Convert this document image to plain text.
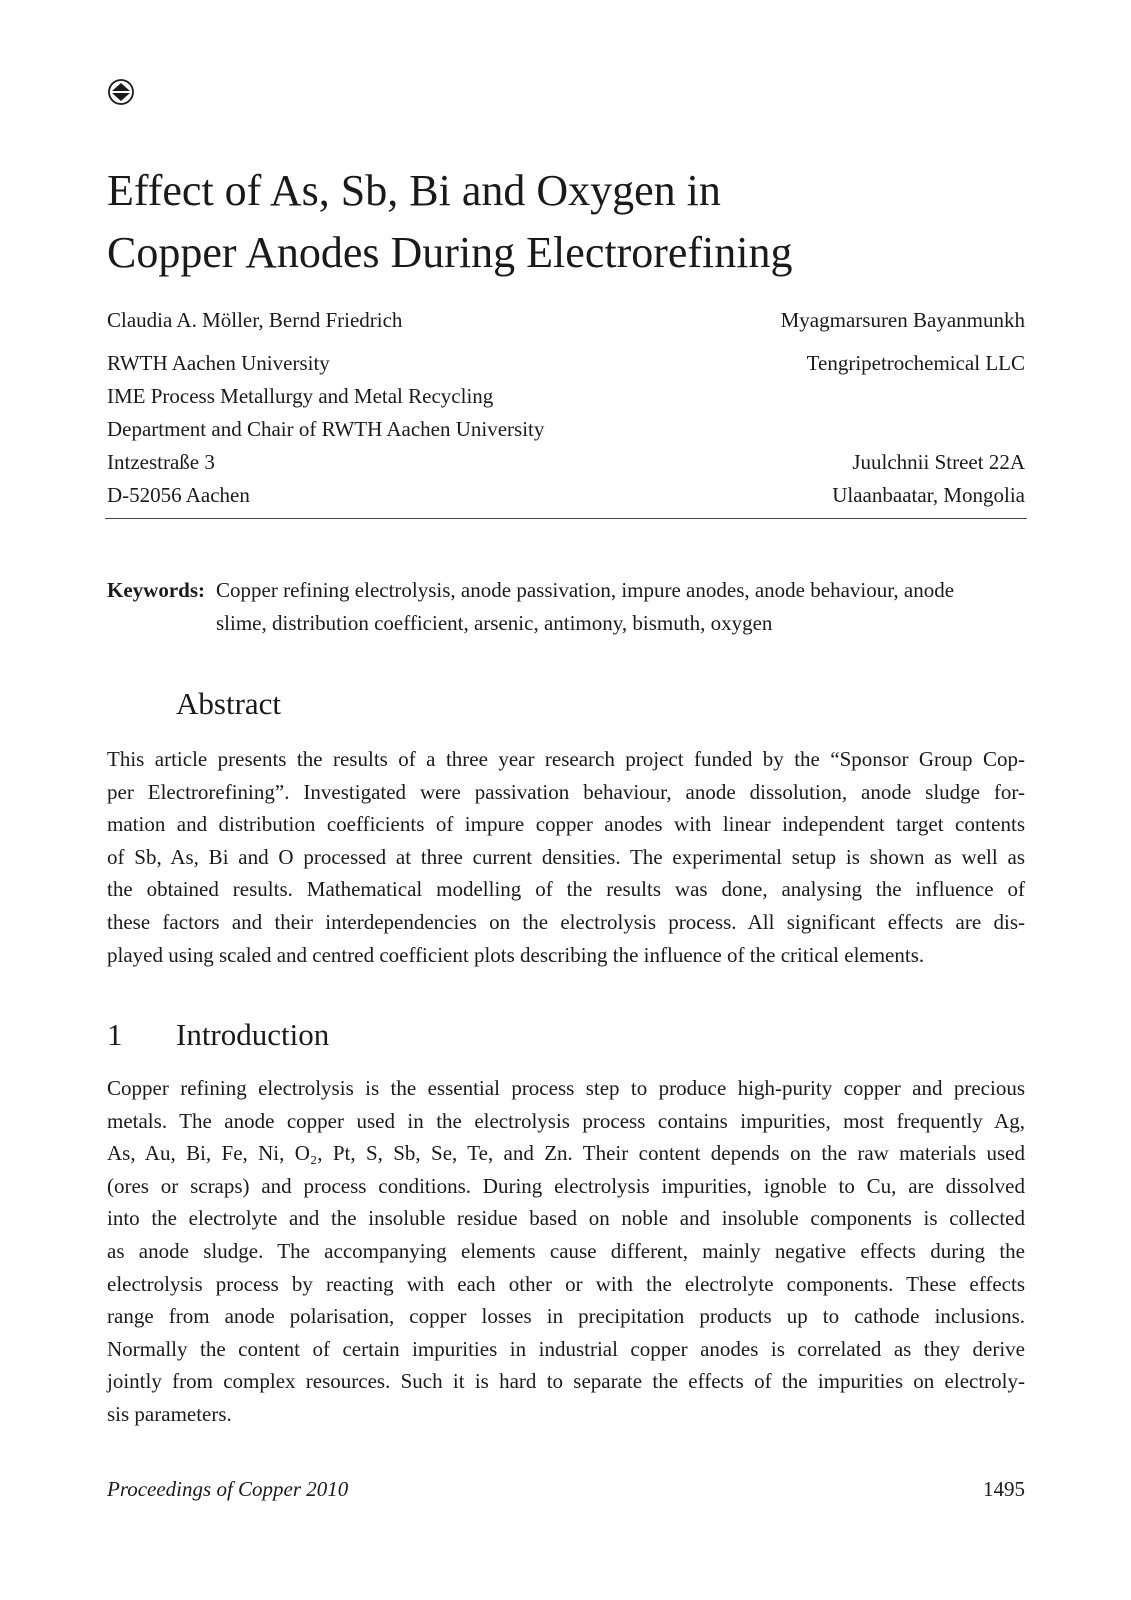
Effect of As, Sb, Bi and Oxygen in
Copper Anodes During Electrorefining
Claudia A. Möller, Bernd Friedrich
RWTH Aachen University
IME Process Metallurgy and Metal Recycling
Department and Chair of RWTH Aachen University
Intzestraße 3
D-52056 Aachen
Myagmarsuren Bayanmunkh
Tengripetrochemical LLC

Juulchnii Street 22A
Ulaanbaatar, Mongolia
Keywords: Copper refining electrolysis, anode passivation, impure anodes, anode behaviour, anode
slime, distribution coefficient, arsenic, antimony, bismuth, oxygen
Abstract
This article presents the results of a three year research project funded by the “Sponsor Group Cop-
per Electrorefining”. Investigated were passivation behaviour, anode dissolution, anode sludge for-
mation and distribution coefficients of impure copper anodes with linear independent target contents
of Sb, As, Bi and O processed at three current densities. The experimental setup is shown as well as
the obtained results. Mathematical modelling of the results was done, analysing the influence of
these factors and their interdependencies on the electrolysis process. All significant effects are dis-
played using scaled and centred coefficient plots describing the influence of the critical elements.
1 Introduction
Copper refining electrolysis is the essential process step to produce high-purity copper and precious
metals. The anode copper used in the electrolysis process contains impurities, most frequently Ag,
As, Au, Bi, Fe, Ni, O₂, Pt, S, Sb, Se, Te, and Zn. Their content depends on the raw materials used
(ores or scraps) and process conditions. During electrolysis impurities, ignoble to Cu, are dissolved
into the electrolyte and the insoluble residue based on noble and insoluble components is collected
as anode sludge. The accompanying elements cause different, mainly negative effects during the
electrolysis process by reacting with each other or with the electrolyte components. These effects
range from anode polarisation, copper losses in precipitation products up to cathode inclusions.
Normally the content of certain impurities in industrial copper anodes is correlated as they derive
jointly from complex resources. Such it is hard to separate the effects of the impurities on electroly-
sis parameters.
Proceedings of Copper 2010	1495
